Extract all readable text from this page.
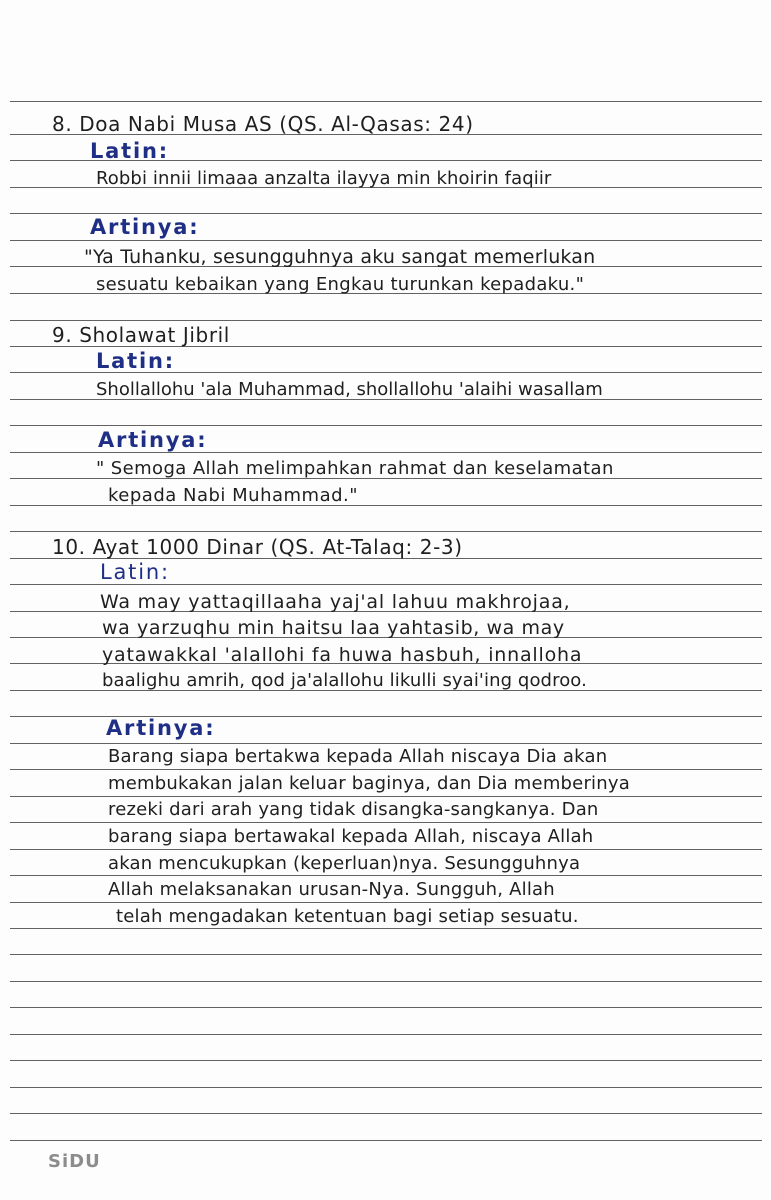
8. Doa Nabi Musa AS (QS. Al-Qasas: 24)
Latin:
Robbi innii limaaa anzalta ilayya min khoirin faqiir
Artinya:
"Ya Tuhanku, sesungguhnya aku sangat memerlukan
sesuatu kebaikan yang Engkau turunkan kepadaku."
9. Sholawat Jibril
Latin:
Shollallohu 'ala Muhammad, shollallohu 'alaihi wasallam
Artinya:
" Semoga Allah melimpahkan rahmat dan keselamatan
kepada Nabi Muhammad."
10. Ayat 1000 Dinar (QS. At-Talaq: 2-3)
Latin:
Wa may yattaqillaaha yaj'al lahuu makhrojaa,
wa yarzuqhu min haitsu laa yahtasib, wa may
yatawakkal 'alallohi fa huwa hasbuh, innalloha
baalighu amrih, qod ja'alallohu likulli syai'ing qodroo.
Artinya:
Barang siapa bertakwa kepada Allah niscaya Dia akan
membukakan jalan keluar baginya, dan Dia memberinya
rezeki dari arah yang tidak disangka-sangkanya. Dan
barang siapa bertawakal kepada Allah, niscaya Allah
akan mencukupkan (keperluan)nya. Sesungguhnya
Allah melaksanakan urusan-Nya. Sungguh, Allah
telah mengadakan ketentuan bagi setiap sesuatu.
SiDU
